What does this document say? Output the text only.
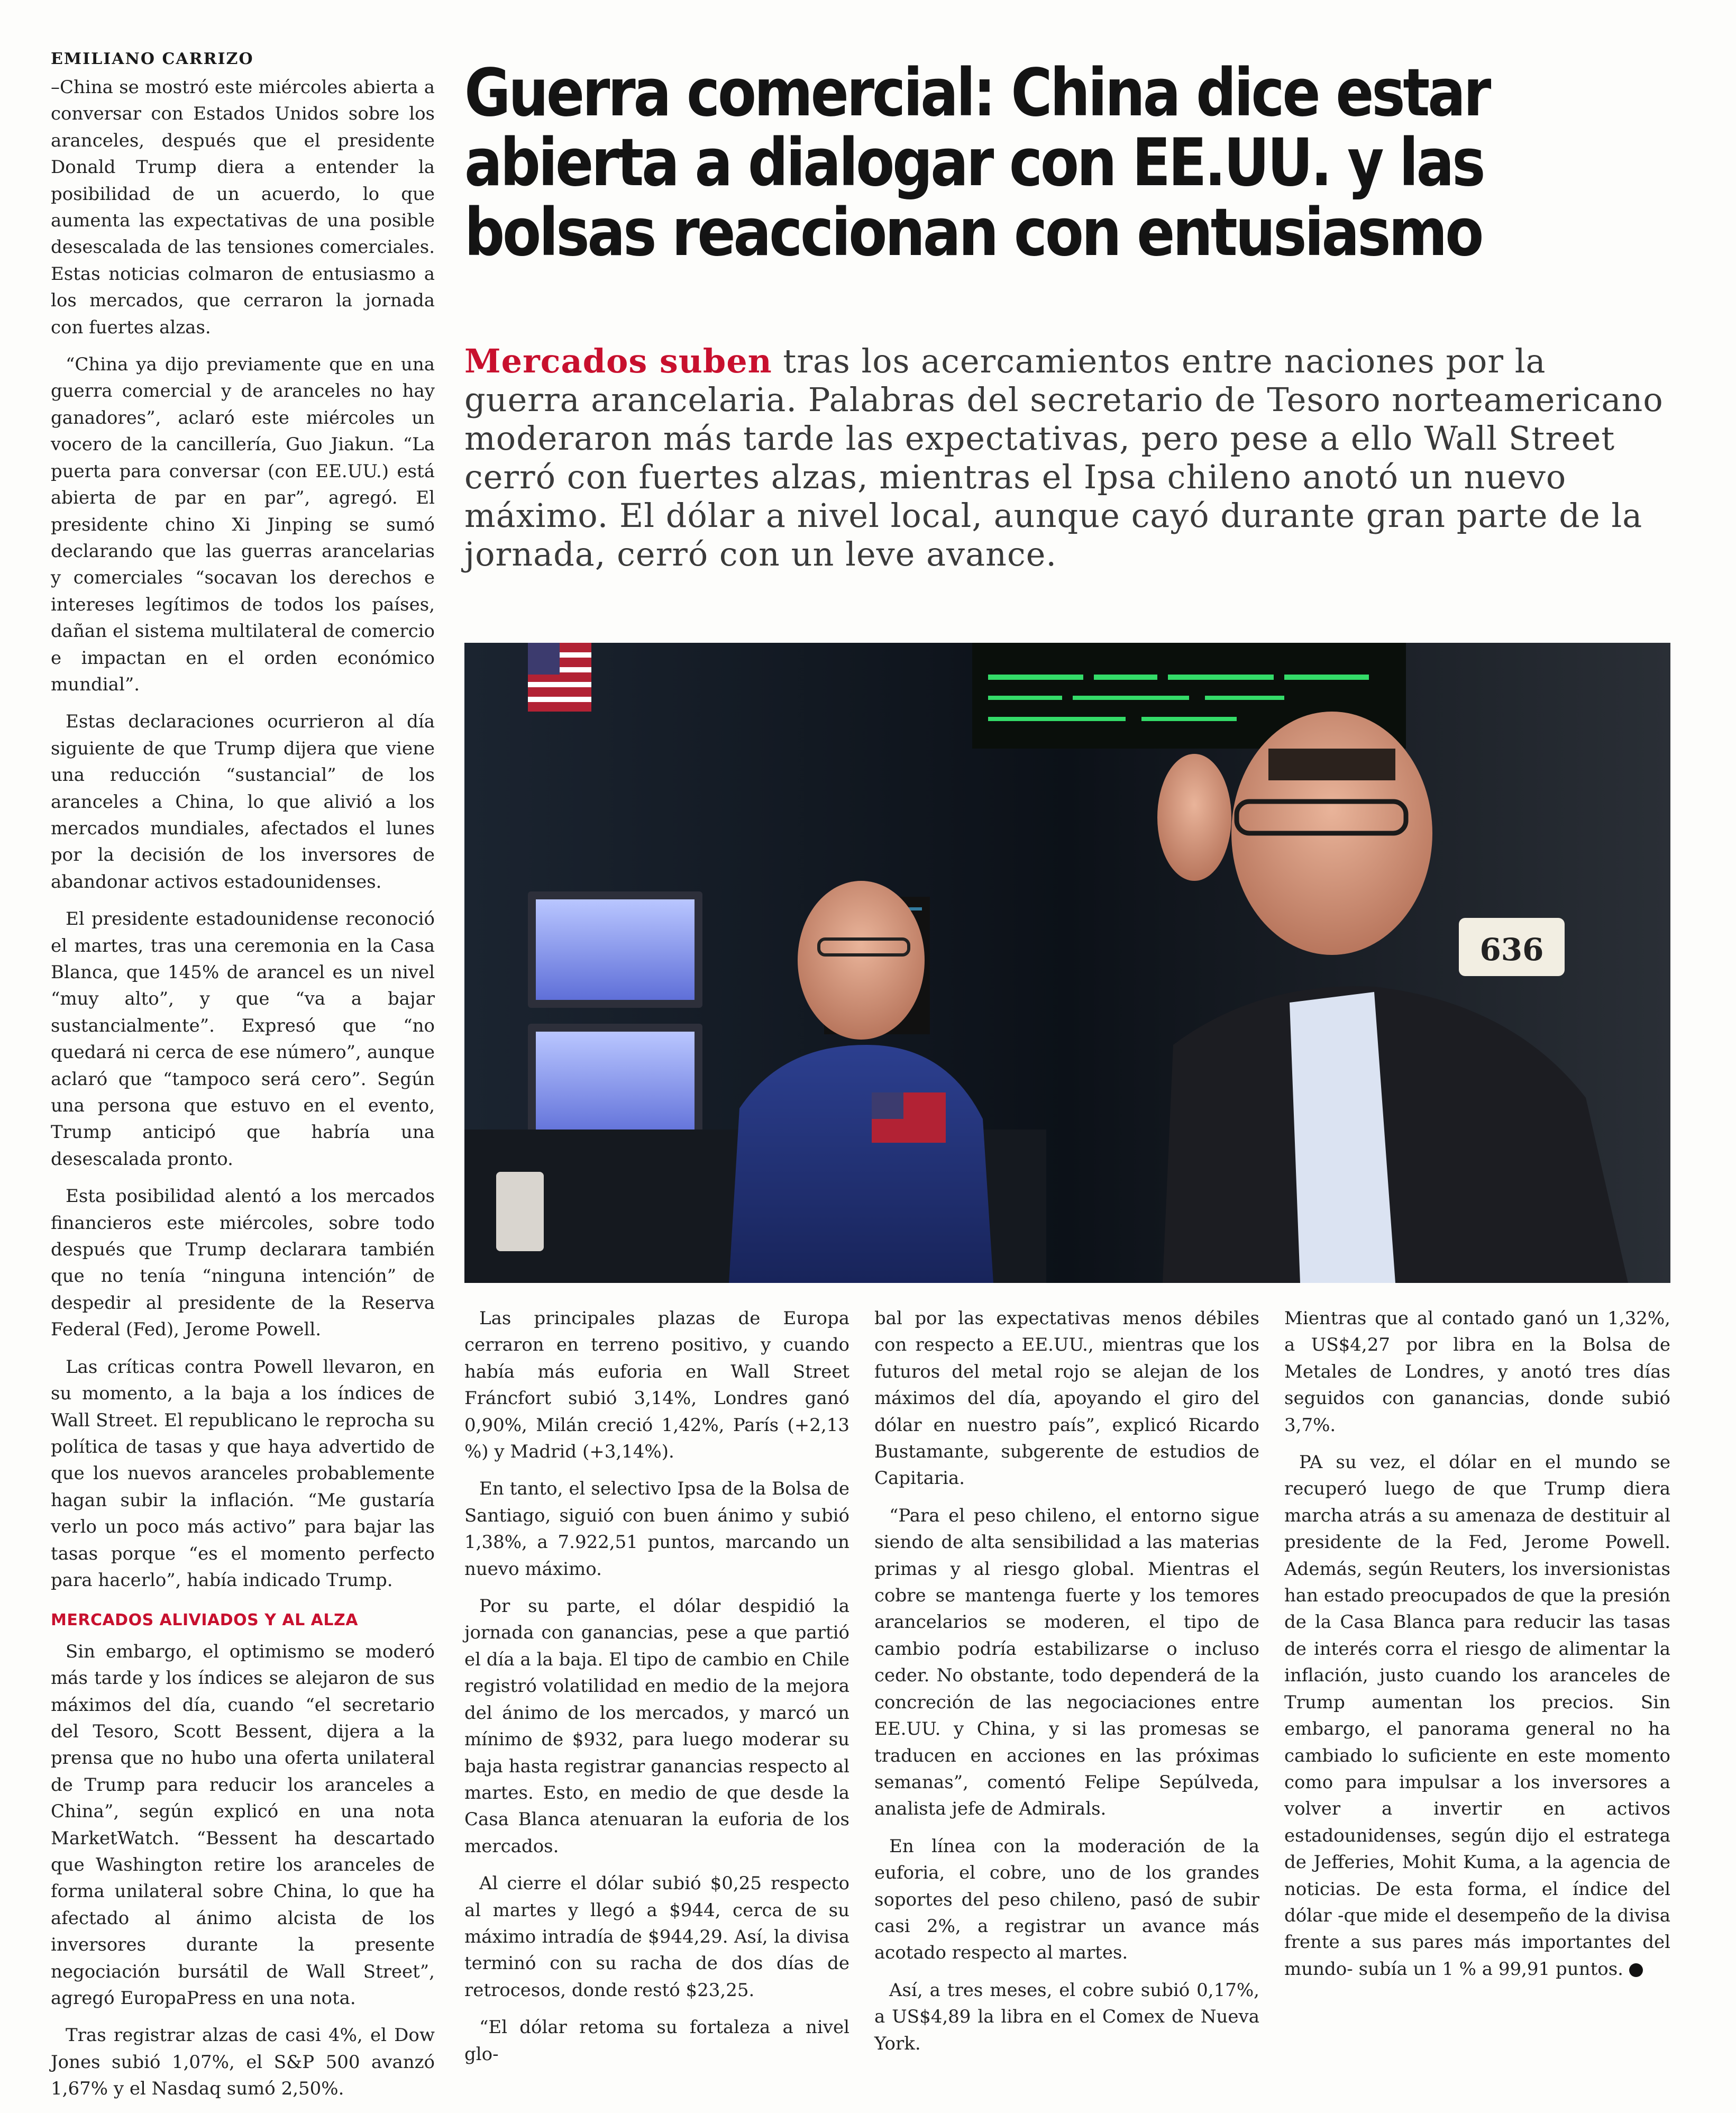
EMILIANO CARRIZO

–China se mostró este miércoles abierta a conversar con Estados Unidos sobre los aranceles, después que el presidente Donald Trump diera a entender la posibilidad de un acuerdo, lo que aumenta las expectativas de una posible desescalada de las tensiones comerciales. Estas noticias colmaron de entusiasmo a los mercados, que cerraron la jornada con fuertes alzas.

“China ya dijo previamente que en una guerra comercial y de aranceles no hay ganadores”, aclaró este miércoles un vocero de la cancillería, Guo Jiakun. “La puerta para conversar (con EE.UU.) está abierta de par en par”, agregó. El presidente chino Xi Jinping se sumó declarando que las guerras arancelarias y comerciales “socavan los derechos e intereses legítimos de todos los países, dañan el sistema multilateral de comercio e impactan en el orden económico mundial”.

Estas declaraciones ocurrieron al día siguiente de que Trump dijera que viene una reducción “sustancial” de los aranceles a China, lo que alivió a los mercados mundiales, afectados el lunes por la decisión de los inversores de abandonar activos estadounidenses.

El presidente estadounidense reconoció el martes, tras una ceremonia en la Casa Blanca, que 145% de arancel es un nivel “muy alto”, y que “va a bajar sustancialmente”. Expresó que “no quedará ni cerca de ese número”, aunque aclaró que “tampoco será cero”. Según una persona que estuvo en el evento, Trump anticipó que habría una desescalada pronto.

Esta posibilidad alentó a los mercados financieros este miércoles, sobre todo después que Trump declarara también que no tenía “ninguna intención” de despedir al presidente de la Reserva Federal (Fed), Jerome Powell.

Las críticas contra Powell llevaron, en su momento, a la baja a los índices de Wall Street. El republicano le reprocha su política de tasas y que haya advertido de que los nuevos aranceles probablemente hagan subir la inflación. “Me gustaría verlo un poco más activo” para bajar las tasas porque “es el momento perfecto para hacerlo”, había indicado Trump.

MERCADOS ALIVIADOS Y AL ALZA

Sin embargo, el optimismo se moderó más tarde y los índices se alejaron de sus máximos del día, cuando “el secretario del Tesoro, Scott Bessent, dijera a la prensa que no hubo una oferta unilateral de Trump para reducir los aranceles a China”, según explicó en una nota MarketWatch. “Bessent ha descartado que Washington retire los aranceles de forma unilateral sobre China, lo que ha afectado al ánimo alcista de los inversores durante la presente negociación bursátil de Wall Street”, agregó EuropaPress en una nota.

Tras registrar alzas de casi 4%, el Dow Jones subió 1,07%, el S&P 500 avanzó 1,67% y el Nasdaq sumó 2,50%.

Guerra comercial: China dice estar
abierta a dialogar con EE.UU. y las
bolsas reaccionan con entusiasmo
Mercados suben tras los acercamientos entre naciones por la guerra arancelaria. Palabras del secretario de Tesoro norteamericano moderaron más tarde las expectativas, pero pese a ello Wall Street cerró con fuertes alzas, mientras el Ipsa chileno anotó un nuevo máximo. El dólar a nivel local, aunque cayó durante gran parte de la jornada, cerró con un leve avance.
636

Las principales plazas de Europa cerraron en terreno positivo, y cuando había más euforia en Wall Street Fráncfort subió 3,14%, Londres ganó 0,90%, Milán creció 1,42%, París (+2,13 %) y Madrid (+3,14%).

En tanto, el selectivo Ipsa de la Bolsa de Santiago, siguió con buen ánimo y subió 1,38%, a 7.922,51 puntos, marcando un nuevo máximo.

Por su parte, el dólar despidió la jornada con ganancias, pese a que partió el día a la baja. El tipo de cambio en Chile registró volatilidad en medio de la mejora del ánimo de los mercados, y marcó un mínimo de $932, para luego moderar su baja hasta registrar ganancias respecto al martes. Esto, en medio de que desde la Casa Blanca atenuaran la euforia de los mercados.

Al cierre el dólar subió $0,25 respecto al martes y llegó a $944, cerca de su máximo intradía de $944,29. Así, la divisa terminó con su racha de dos días de retrocesos, donde restó $23,25.

“El dólar retoma su fortaleza a nivel glo-

bal por las expectativas menos débiles con respecto a EE.UU., mientras que los futuros del metal rojo se alejan de los máximos del día, apoyando el giro del dólar en nuestro país”, explicó Ricardo Bustamante, subgerente de estudios de Capitaria.

“Para el peso chileno, el entorno sigue siendo de alta sensibilidad a las materias primas y al riesgo global. Mientras el cobre se mantenga fuerte y los temores arancelarios se moderen, el tipo de cambio podría estabilizarse o incluso ceder. No obstante, todo dependerá de la concreción de las negociaciones entre EE.UU. y China, y si las promesas se traducen en acciones en las próximas semanas”, comentó Felipe Sepúlveda, analista jefe de Admirals.

En línea con la moderación de la euforia, el cobre, uno de los grandes soportes del peso chileno, pasó de subir casi 2%, a registrar un avance más acotado respecto al martes.

Así, a tres meses, el cobre subió 0,17%, a US$4,89 la libra en el Comex de Nueva York.

Mientras que al contado ganó un 1,32%, a US$4,27 por libra en la Bolsa de Metales de Londres, y anotó tres días seguidos con ganancias, donde subió 3,7%.

PA su vez, el dólar en el mundo se recuperó luego de que Trump diera marcha atrás a su amenaza de destituir al presidente de la Fed, Jerome Powell. Además, según Reuters, los inversionistas han estado preocupados de que la presión de la Casa Blanca para reducir las tasas de interés corra el riesgo de alimentar la inflación, justo cuando los aranceles de Trump aumentan los precios. Sin embargo, el panorama general no ha cambiado lo suficiente en este momento como para impulsar a los inversores a volver a invertir en activos estadounidenses, según dijo el estratega de Jefferies, Mohit Kuma, a la agencia de noticias. De esta forma, el índice del dólar -que mide el desempeño de la divisa frente a sus pares más importantes del mundo- subía un 1 % a 99,91 puntos. P
